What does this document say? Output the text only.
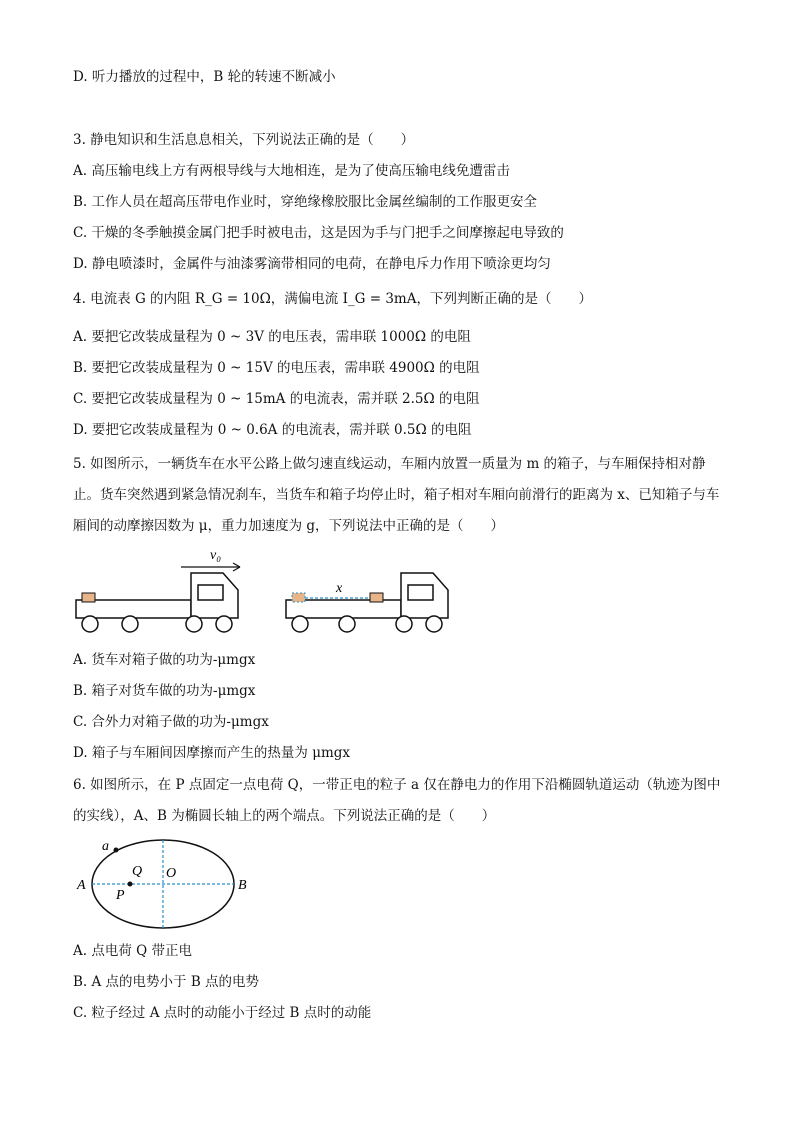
D. 听力播放的过程中，B 轮的转速不断减小
3. 静电知识和生活息息相关，下列说法正确的是（　　）
A. 高压输电线上方有两根导线与大地相连，是为了使高压输电线免遭雷击
B. 工作人员在超高压带电作业时，穿绝缘橡胶服比金属丝编制的工作服更安全
C. 干燥的冬季触摸金属门把手时被电击，这是因为手与门把手之间摩擦起电导致的
D. 静电喷漆时，金属件与油漆雾滴带相同的电荷，在静电斥力作用下喷涂更均匀
4. 电流表 G 的内阻 R_G = 10Ω，满偏电流 I_G = 3mA，下列判断正确的是（　　）
A. 要把它改装成量程为 0 ~ 3V 的电压表，需串联 1000Ω 的电阻
B. 要把它改装成量程为 0 ~ 15V 的电压表，需串联 4900Ω 的电阻
C. 要把它改装成量程为 0 ~ 15mA 的电流表，需并联 2.5Ω 的电阻
D. 要把它改装成量程为 0 ~ 0.6A 的电流表，需并联 0.5Ω 的电阻
5. 如图所示，一辆货车在水平公路上做匀速直线运动，车厢内放置一质量为 m 的箱子，与车厢保持相对静止。货车突然遇到紧急情况刹车，当货车和箱子均停止时，箱子相对车厢向前滑行的距离为 x、已知箱子与车厢间的动摩擦因数为 μ，重力加速度为 g，下列说法中正确的是（　　）
v₀
x
A. 货车对箱子做的功为-μmgx
B. 箱子对货车做的功为-μmgx
C. 合外力对箱子做的功为-μmgx
D. 箱子与车厢间因摩擦而产生的热量为 μmgx
6. 如图所示，在 P 点固定一点电荷 Q，一带正电的粒子 a 仅在静电力的作用下沿椭圆轨道运动（轨迹为图中的实线），A、B 为椭圆长轴上的两个端点。下列说法正确的是（　　）
a
Q O
A	B
P
A. 点电荷 Q 带正电
B. A 点的电势小于 B 点的电势
C. 粒子经过 A 点时的动能小于经过 B 点时的动能
